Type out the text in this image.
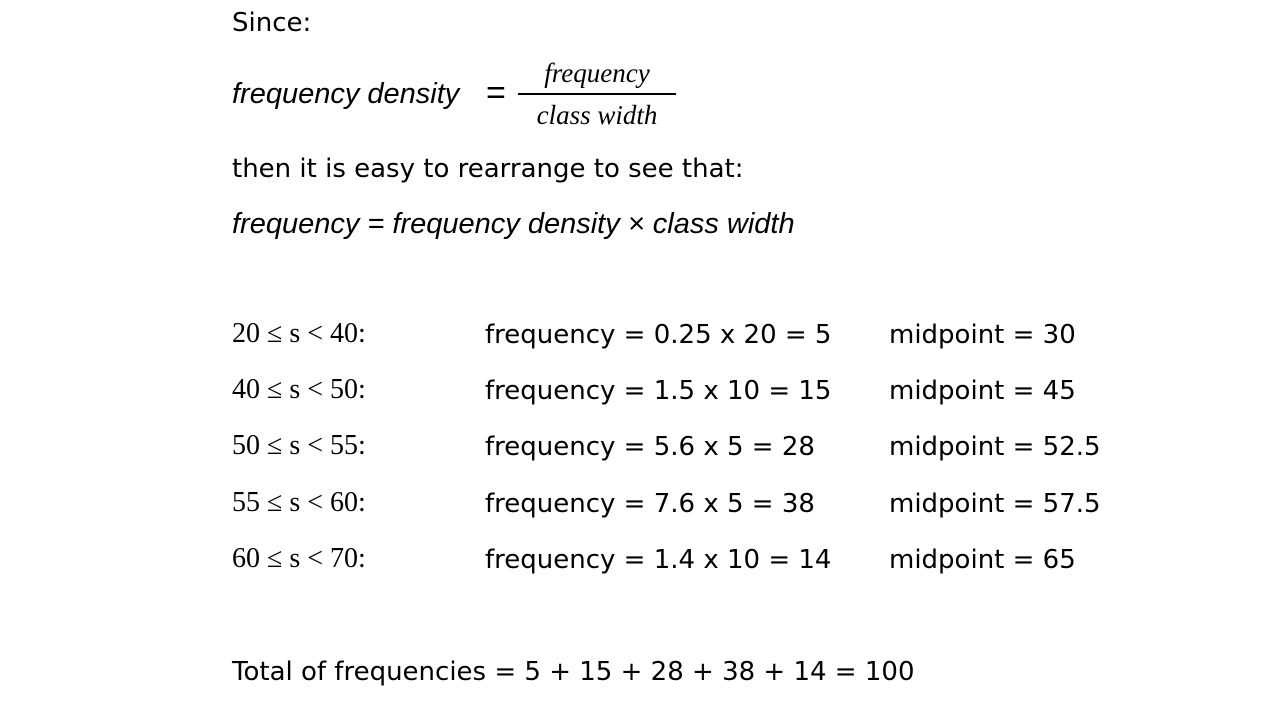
Since:
frequency density =
frequency
class width
then it is easy to rearrange to see that:
frequency = frequency density × class width
20 ≤ s < 40:	frequency = 0.25 x 20 = 5 midpoint = 30
40 ≤ s < 50:	frequency = 1.5 x 10 = 15 midpoint = 45
50 ≤ s < 55:	frequency = 5.6 x 5 = 28	midpoint = 52.5
55 ≤ s < 60:	frequency = 7.6 x 5 = 38	midpoint = 57.5
60 ≤ s < 70:	frequency = 1.4 x 10 = 14 midpoint = 65
Total of frequencies = 5 + 15 + 28 + 38 + 14 = 100
